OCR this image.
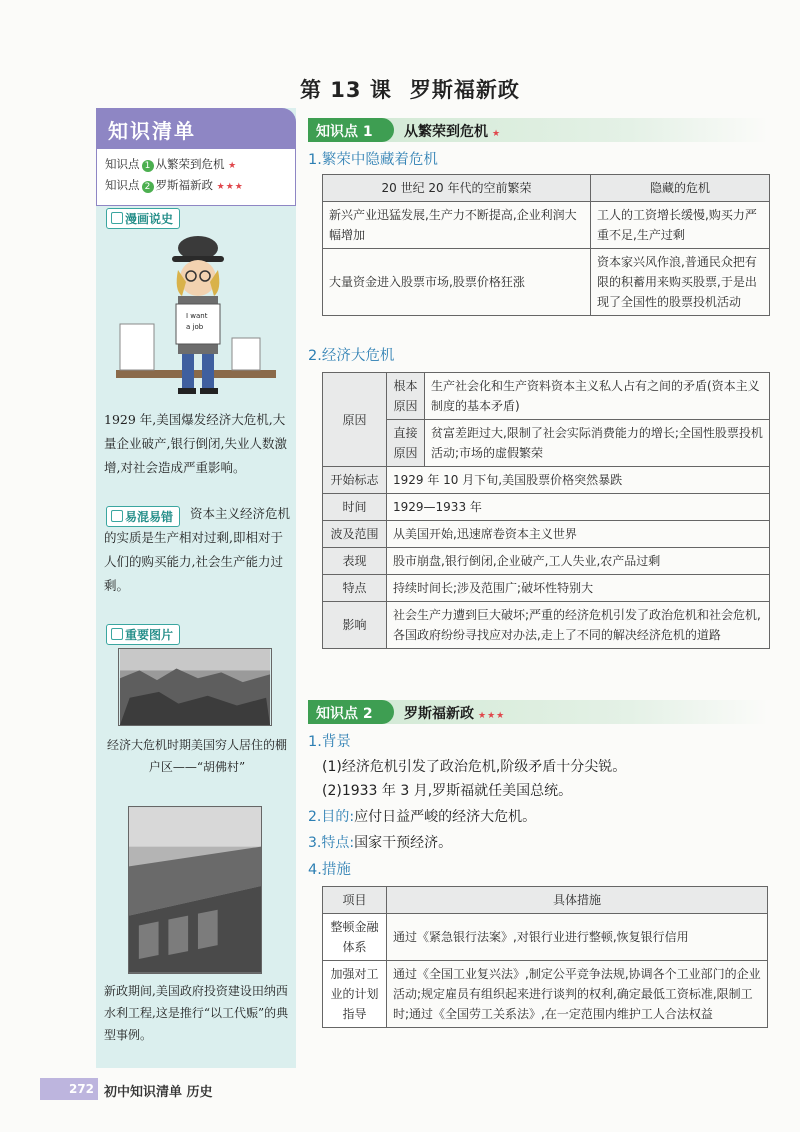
第 13 课 罗斯福新政
知识清单
知识点 1 从繁荣到危机 ★
知识点 2 罗斯福新政 ★★★
漫画说史
I want
a job
1929 年,美国爆发经济大危机,大量企业破产,银行倒闭,失业人数激增,对社会造成严重影响。
易混易错	资本主义经济危机的实质是生产相对过剩,即相对于人们的购买能力,社会生产能力过剩。
重要图片
经济大危机时期美国穷人居住的棚户区——“胡佛村”
新政期间,美国政府投资建设田纳西水利工程,这是推行“以工代赈”的典型事例。
知识点 1	从繁荣到危机 ★
1.繁荣中隐藏着危机
20 世纪 20 年代的空前繁荣	隐藏的危机
新兴产业迅猛发展,生产力不断提高,企业利润大幅增加	工人的工资增长缓慢,购买力严重不足,生产过剩
大量资金进入股票市场,股票价格狂涨	资本家兴风作浪,普通民众把有限的积蓄用来购买股票,于是出现了全国性的股票投机活动
2.经济大危机
原因	根本原因	生产社会化和生产资料资本主义私人占有之间的矛盾(资本主义制度的基本矛盾)
	直接原因	贫富差距过大,限制了社会实际消费能力的增长;全国性股票投机活动;市场的虚假繁荣
开始标志	1929 年 10 月下旬,美国股票价格突然暴跌	
时间	1929—1933 年	
波及范围	从美国开始,迅速席卷资本主义世界	
表现	股市崩盘,银行倒闭,企业破产,工人失业,农产品过剩	
特点	持续时间长;涉及范围广;破坏性特别大	
影响	社会生产力遭到巨大破坏;严重的经济危机引发了政治危机和社会危机,各国政府纷纷寻找应对办法,走上了不同的解决经济危机的道路	
知识点 2	罗斯福新政 ★★★
1.背景
(1)经济危机引发了政治危机,阶级矛盾十分尖锐。
(2)1933 年 3 月,罗斯福就任美国总统。
2.目的:应付日益严峻的经济大危机。
3.特点:国家干预经济。
4.措施
项目	具体措施
整顿金融体系	通过《紧急银行法案》,对银行业进行整顿,恢复银行信用
加强对工业的计划指导	通过《全国工业复兴法》,制定公平竞争法规,协调各个工业部门的企业活动;规定雇员有组织起来进行谈判的权利,确定最低工资标准,限制工时;通过《全国劳工关系法》,在一定范围内维护工人合法权益
272 初中知识清单 历史
